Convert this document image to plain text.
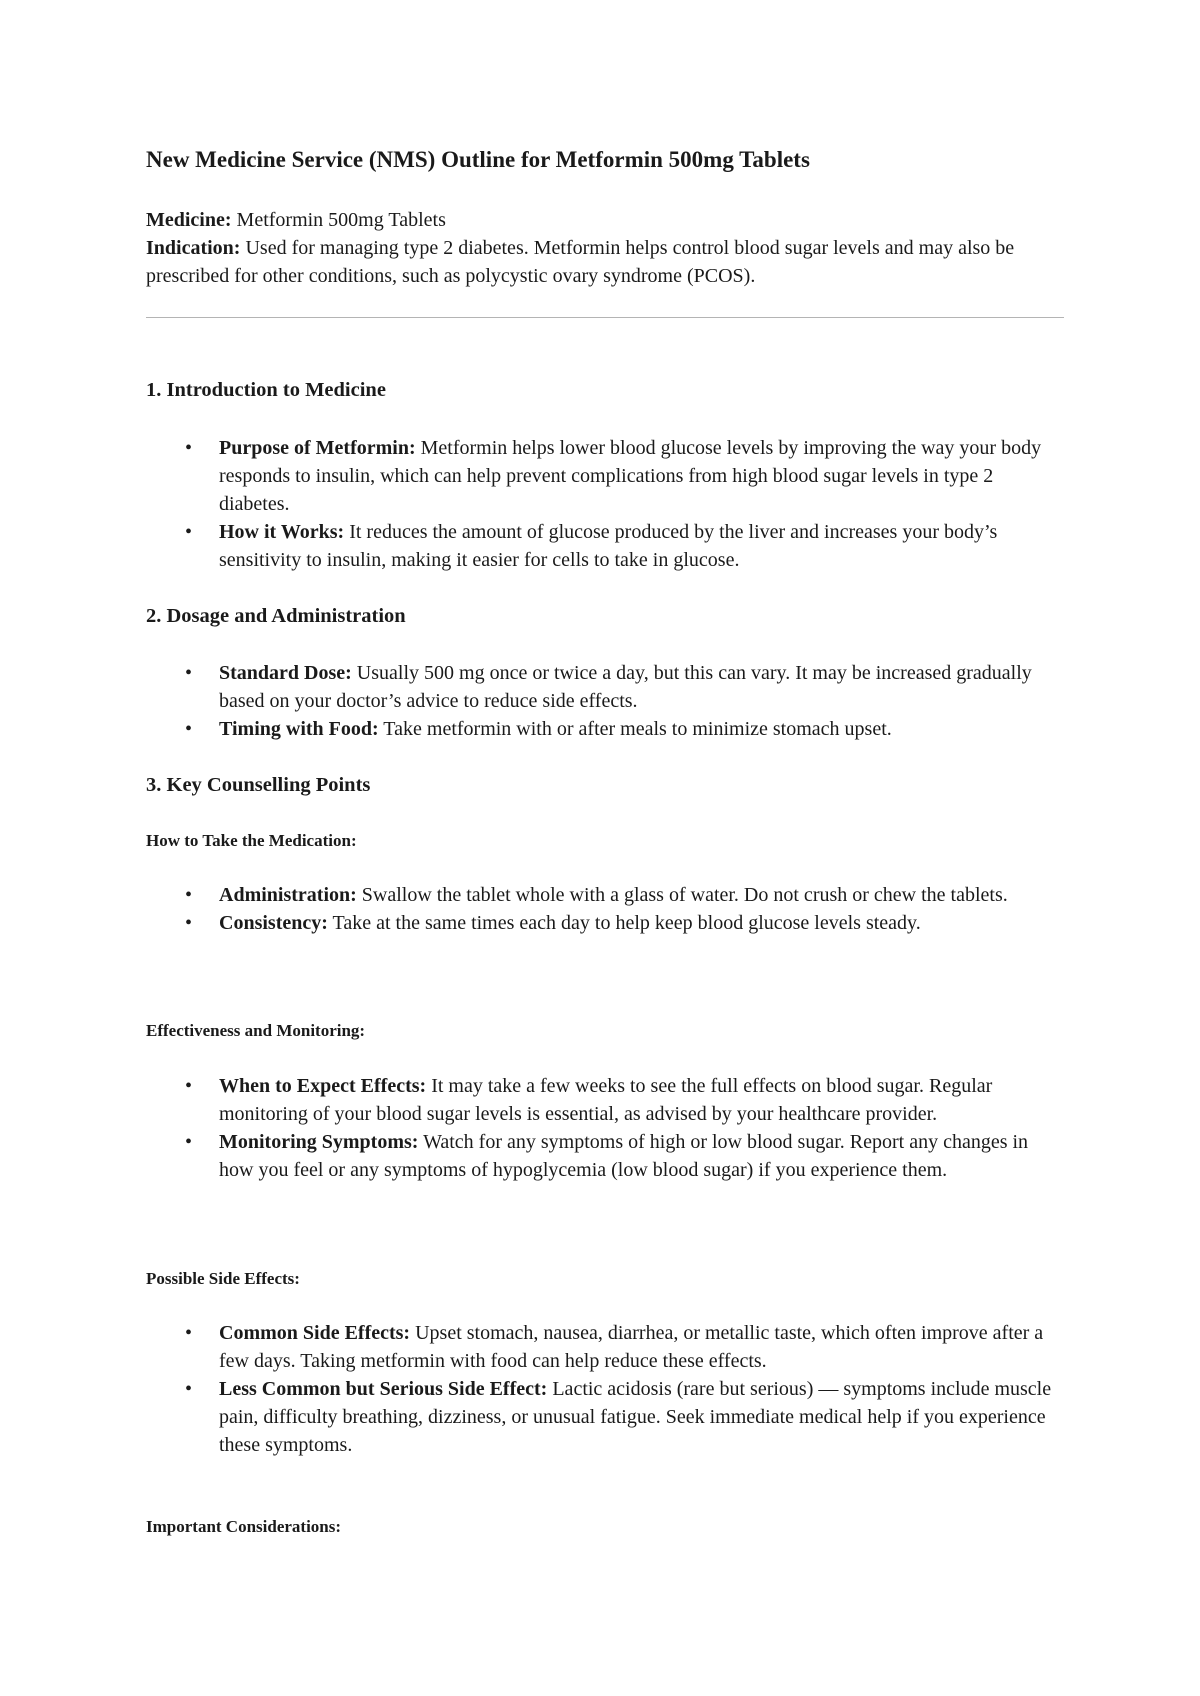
New Medicine Service (NMS) Outline for Metformin 500mg Tablets

Medicine: Metformin 500mg Tablets

Indication: Used for managing type 2 diabetes. Metformin helps control blood sugar levels and may also be prescribed for other conditions, such as polycystic ovary syndrome (PCOS).

1. Introduction to Medicine
• Purpose of Metformin: Metformin helps lower blood glucose levels by improving the way your body responds to insulin, which can help prevent complications from high blood sugar levels in type 2 diabetes.
• How it Works: It reduces the amount of glucose produced by the liver and increases your body’s sensitivity to insulin, making it easier for cells to take in glucose.
2. Dosage and Administration
• Standard Dose: Usually 500 mg once or twice a day, but this can vary. It may be increased gradually based on your doctor’s advice to reduce side effects.
• Timing with Food: Take metformin with or after meals to minimize stomach upset.
3. Key Counselling Points
How to Take the Medication:
• Administration: Swallow the tablet whole with a glass of water. Do not crush or chew the tablets.
• Consistency: Take at the same times each day to help keep blood glucose levels steady.
Effectiveness and Monitoring:
• When to Expect Effects: It may take a few weeks to see the full effects on blood sugar. Regular monitoring of your blood sugar levels is essential, as advised by your healthcare provider.
• Monitoring Symptoms: Watch for any symptoms of high or low blood sugar. Report any changes in how you feel or any symptoms of hypoglycemia (low blood sugar) if you experience them.
Possible Side Effects:
• Common Side Effects: Upset stomach, nausea, diarrhea, or metallic taste, which often improve after a few days. Taking metformin with food can help reduce these effects.
• Less Common but Serious Side Effect: Lactic acidosis (rare but serious) — symptoms include muscle pain, difficulty breathing, dizziness, or unusual fatigue. Seek immediate medical help if you experience these symptoms.
Important Considerations:
